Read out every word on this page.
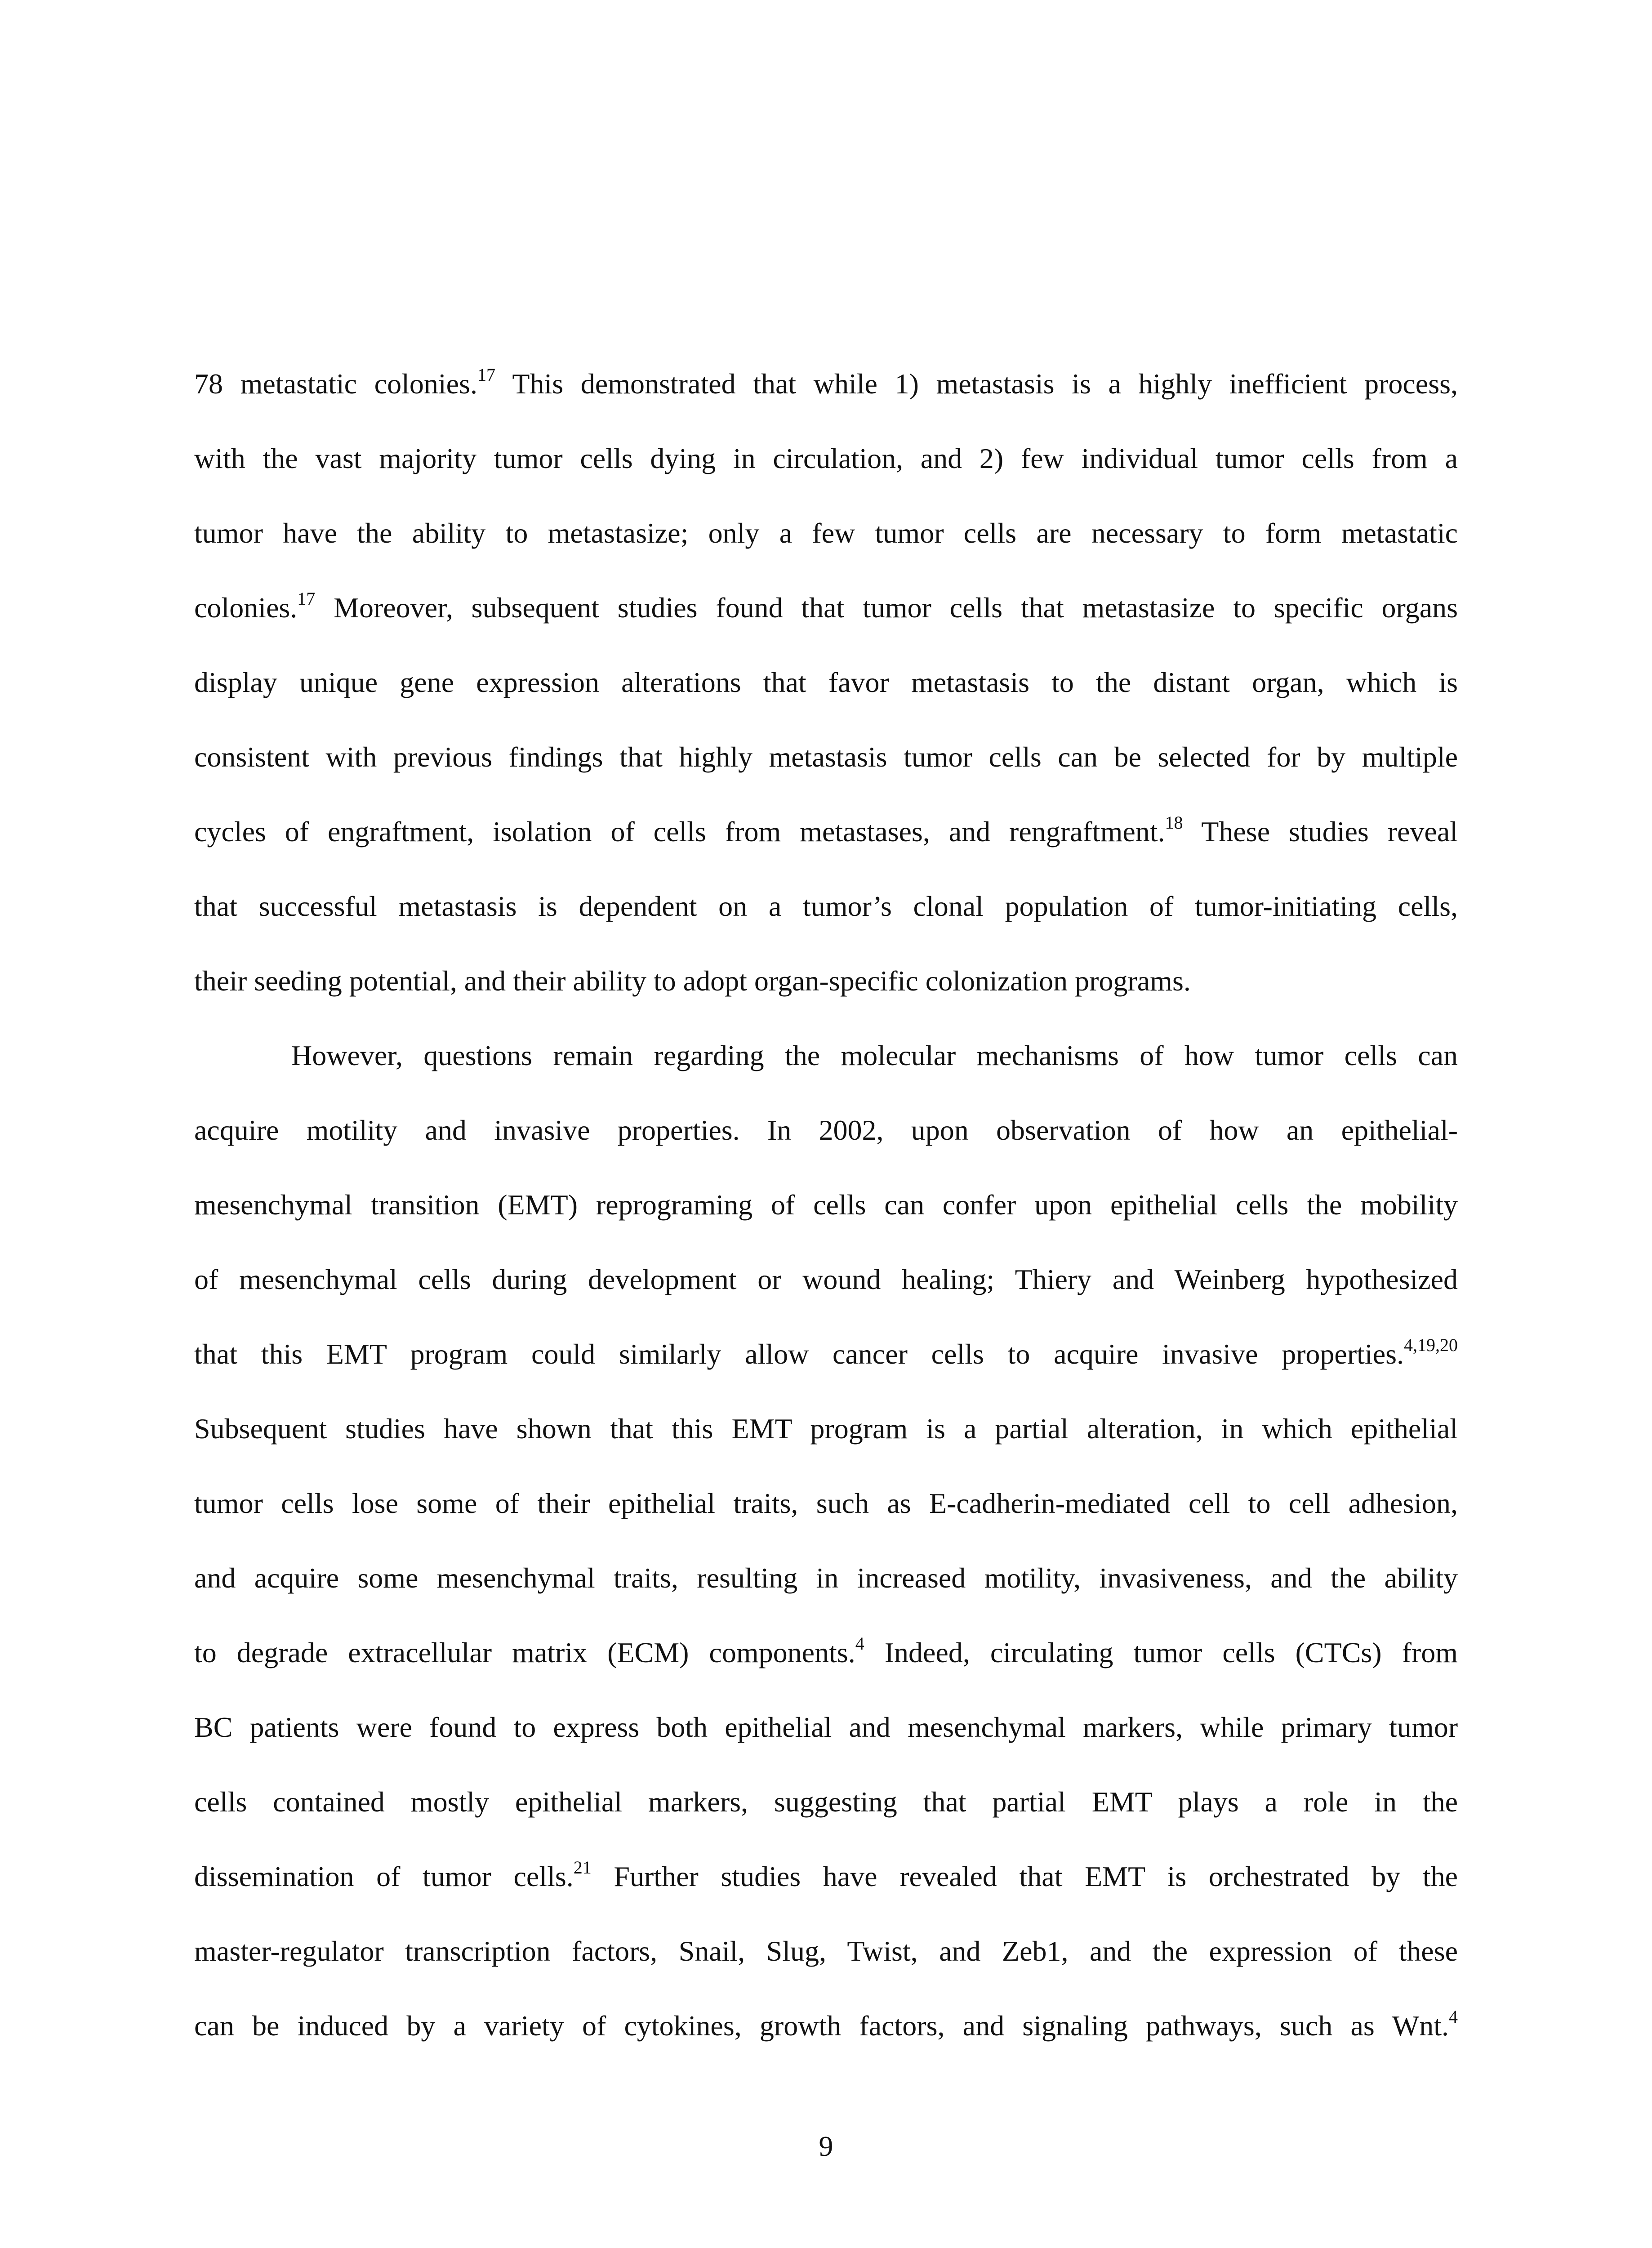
78 metastatic colonies.$^{17}$ This demonstrated that while 1) metastasis is a highly inefficient process,
with the vast majority tumor cells dying in circulation, and 2) few individual tumor cells from a
tumor have the ability to metastasize; only a few tumor cells are necessary to form metastatic
colonies.$^{17}$ Moreover, subsequent studies found that tumor cells that metastasize to specific organs
display unique gene expression alterations that favor metastasis to the distant organ, which is
consistent with previous findings that highly metastasis tumor cells can be selected for by multiple
cycles of engraftment, isolation of cells from metastases, and rengraftment.$^{18}$ These studies reveal
that successful metastasis is dependent on a tumor’s clonal population of tumor-initiating cells,
their seeding potential, and their ability to adopt organ-specific colonization programs.
However, questions remain regarding the molecular mechanisms of how tumor cells can
acquire motility and invasive properties. In 2002, upon observation of how an epithelial-
mesenchymal transition (EMT) reprograming of cells can confer upon epithelial cells the mobility
of mesenchymal cells during development or wound healing; Thiery and Weinberg hypothesized
that this EMT program could similarly allow cancer cells to acquire invasive properties.$^{4,19,20}$
Subsequent studies have shown that this EMT program is a partial alteration, in which epithelial
tumor cells lose some of their epithelial traits, such as E-cadherin-mediated cell to cell adhesion,
and acquire some mesenchymal traits, resulting in increased motility, invasiveness, and the ability
to degrade extracellular matrix (ECM) components.$^4$ Indeed, circulating tumor cells (CTCs) from
BC patients were found to express both epithelial and mesenchymal markers, while primary tumor
cells contained mostly epithelial markers, suggesting that partial EMT plays a role in the
dissemination of tumor cells.$^{21}$ Further studies have revealed that EMT is orchestrated by the
master-regulator transcription factors, Snail, Slug, Twist, and Zeb1, and the expression of these
can be induced by a variety of cytokines, growth factors, and signaling pathways, such as Wnt.$^4$
9
